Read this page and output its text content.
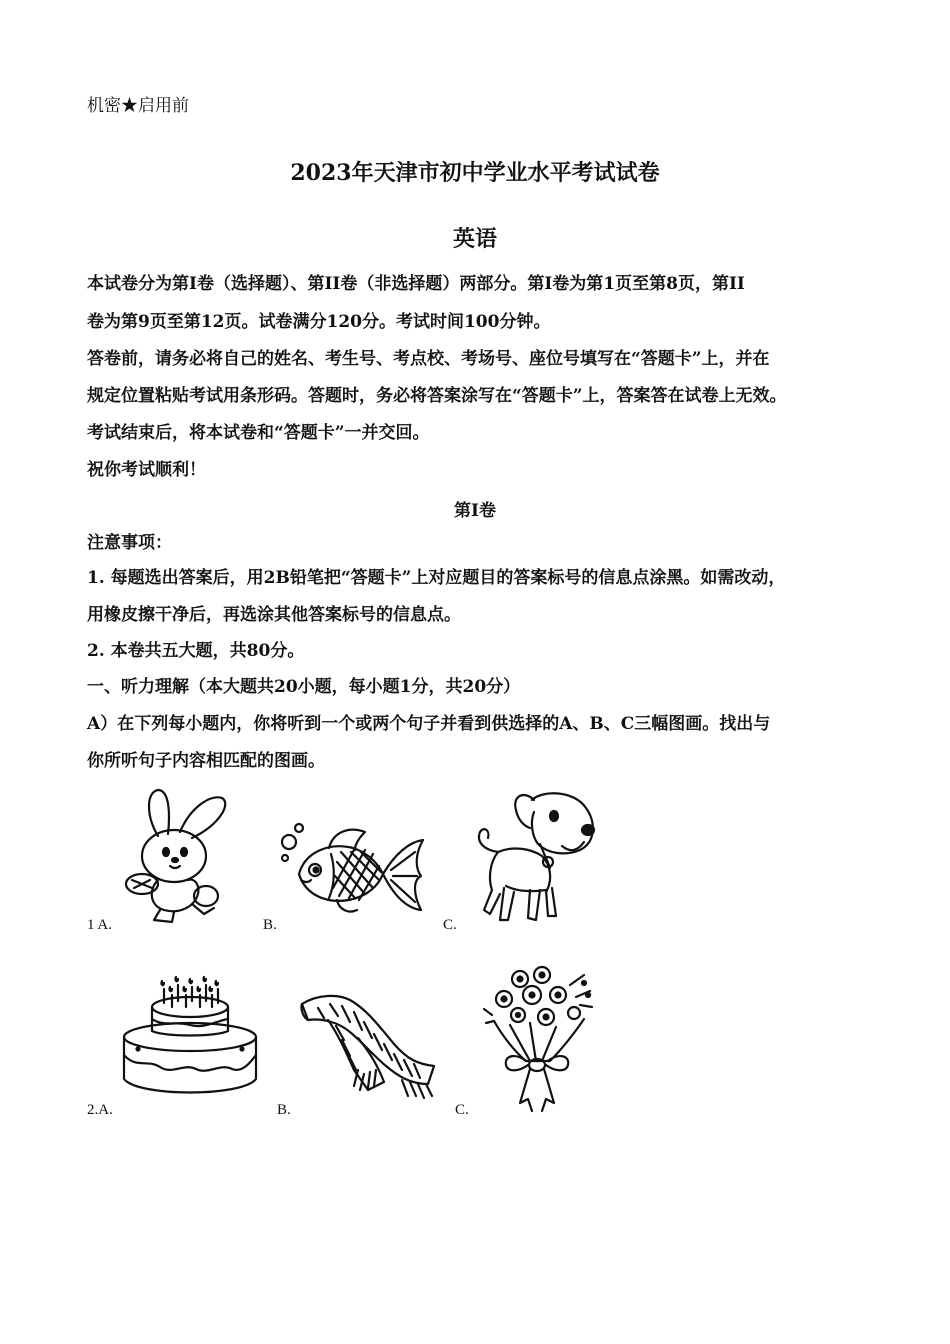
机密★启用前
2023年天津市初中学业水平考试试卷
英语
本试卷分为第I卷（选择题）、第II卷（非选择题）两部分。第I卷为第1页至第8页，第II
卷为第9页至第12页。试卷满分120分。考试时间100分钟。
答卷前，请务必将自己的姓名、考生号、考点校、考场号、座位号填写在“答题卡”上，并在
规定位置粘贴考试用条形码。答题时，务必将答案涂写在“答题卡”上，答案答在试卷上无效。
考试结束后，将本试卷和“答题卡”一并交回。
祝你考试顺利！
第I卷
注意事项：
1. 每题选出答案后，用2B铅笔把“答题卡”上对应题目的答案标号的信息点涂黑。如需改动，
用橡皮擦干净后，再选涂其他答案标号的信息点。
2. 本卷共五大题，共80分。
一、听力理解（本大题共20小题，每小题1分，共20分）
A）在下列每小题内，你将听到一个或两个句子并看到供选择的A、B、C三幅图画。找出与
你所听句子内容相匹配的图画。
1 A.	B.	C.
2.A.	B.	C.
